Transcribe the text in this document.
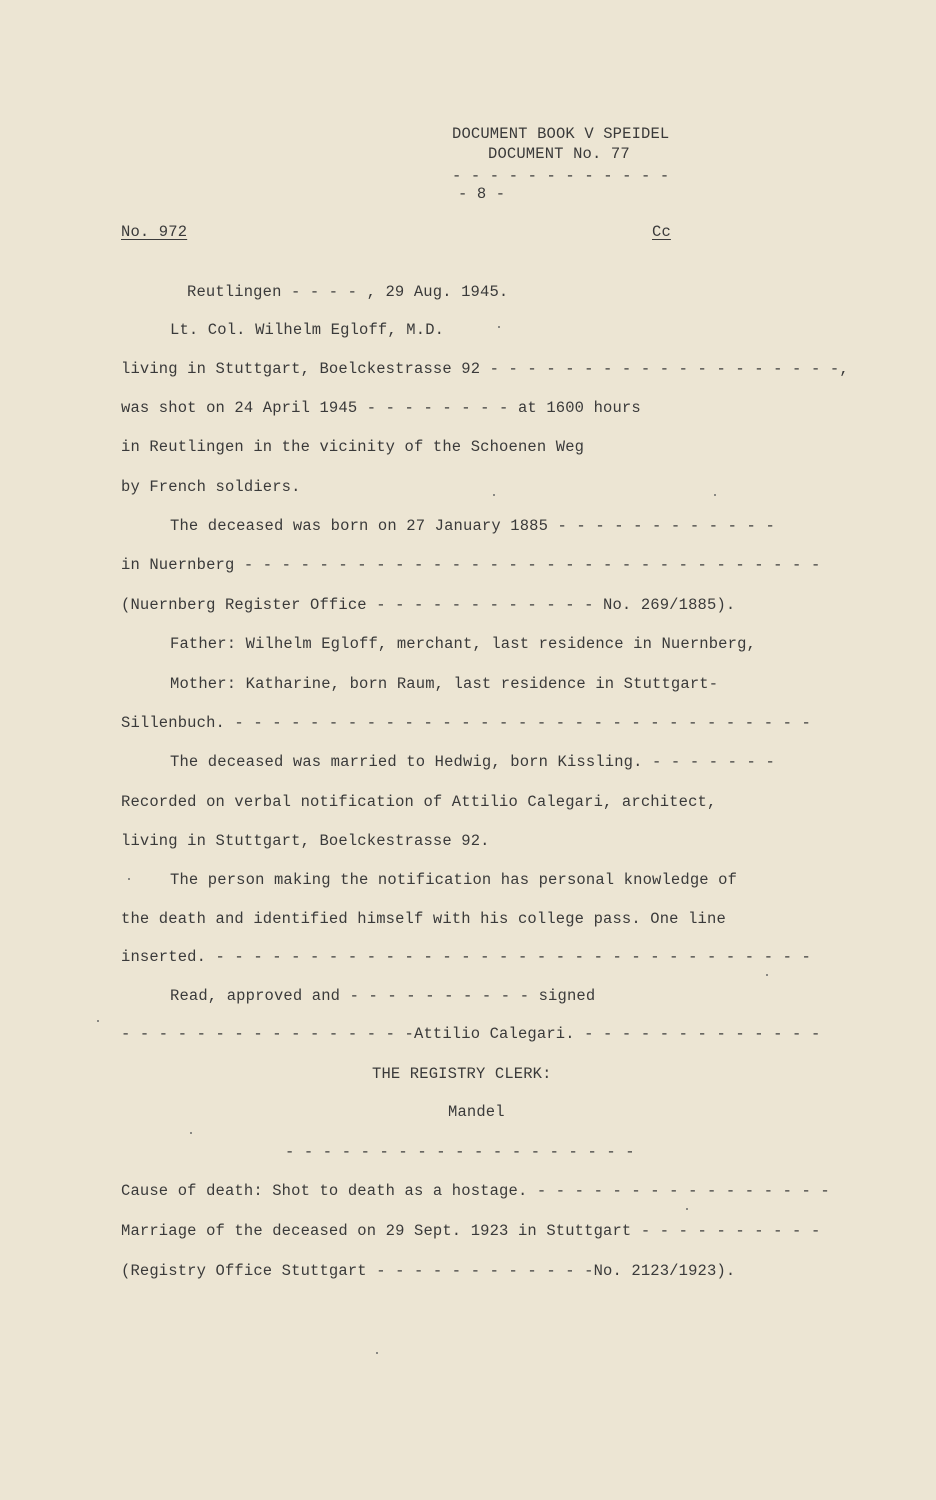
DOCUMENT BOOK V SPEIDEL
DOCUMENT No. 77
- - - - - - - - - - - -
- 8 -
No. 972	Cc
Reutlingen - - - - , 29 Aug. 1945.
Lt. Col. Wilhelm Egloff, M.D.
living in Stuttgart, Boelckestrasse 92 - - - - - - - - - - - - - - - - - - -,
was shot on 24 April 1945 - - - - - - - - at 1600 hours
in Reutlingen in the vicinity of the Schoenen Weg
by French soldiers.
The deceased was born on 27 January 1885 - - - - - - - - - - - -
in Nuernberg - - - - - - - - - - - - - - - - - - - - - - - - - - - - - - -
(Nuernberg Register Office - - - - - - - - - - - - No. 269/1885).
Father: Wilhelm Egloff, merchant, last residence in Nuernberg,
Mother: Katharine, born Raum, last residence in Stuttgart-
Sillenbuch. - - - - - - - - - - - - - - - - - - - - - - - - - - - - - - -
The deceased was married to Hedwig, born Kissling. - - - - - - -
Recorded on verbal notification of Attilio Calegari, architect,
living in Stuttgart, Boelckestrasse 92.
The person making the notification has personal knowledge of
the death and identified himself with his college pass. One line
inserted. - - - - - - - - - - - - - - - - - - - - - - - - - - - - - - - -
Read, approved and - - - - - - - - - - signed
- - - - - - - - - - - - - - - -Attilio Calegari. - - - - - - - - - - - - -
THE REGISTRY CLERK:
Mandel
- - - - - - - - - - - - - - - - - - -
Cause of death: Shot to death as a hostage. - - - - - - - - - - - - - - - -
Marriage of the deceased on 29 Sept. 1923 in Stuttgart - - - - - - - - - -
(Registry Office Stuttgart - - - - - - - - - - - -No. 2123/1923).
